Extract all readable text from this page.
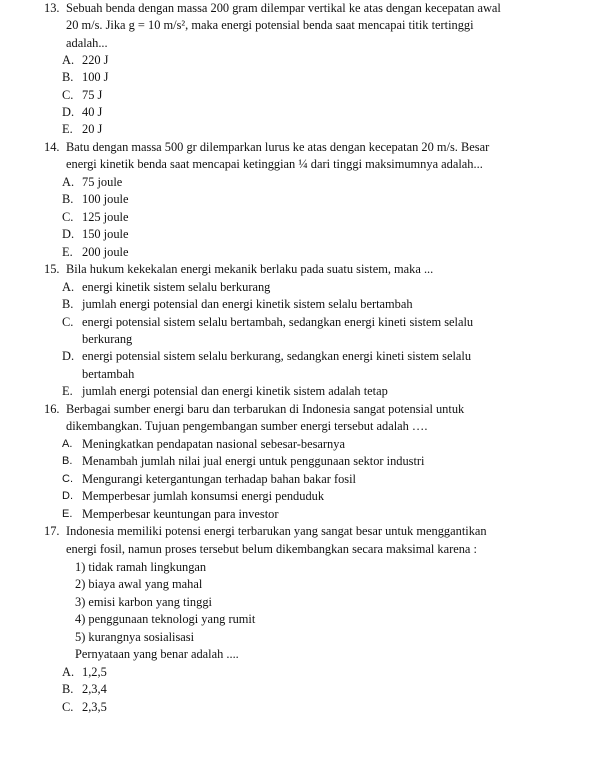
13. Sebuah benda dengan massa 200 gram dilempar vertikal ke atas dengan kecepatan awal
20 m/s. Jika g = 10 m/s², maka energi potensial benda saat mencapai titik tertinggi
adalah...
A. 220 J
B. 100 J
C. 75 J
D. 40 J
E. 20 J
14. Batu dengan massa 500 gr dilemparkan lurus ke atas dengan kecepatan 20 m/s. Besar
energi kinetik benda saat mencapai ketinggian ¼ dari tinggi maksimumnya adalah...
A. 75 joule
B. 100 joule
C. 125 joule
D. 150 joule
E. 200 joule
15. Bila hukum kekekalan energi mekanik berlaku pada suatu sistem, maka ...
A. energi kinetik sistem selalu berkurang
B. jumlah energi potensial dan energi kinetik sistem selalu bertambah
C. energi potensial sistem selalu bertambah, sedangkan energi kineti sistem selalu
berkurang
D. energi potensial sistem selalu berkurang, sedangkan energi kineti sistem selalu
bertambah
E. jumlah energi potensial dan energi kinetik sistem adalah tetap
16. Berbagai sumber energi baru dan terbarukan di Indonesia sangat potensial untuk
dikembangkan. Tujuan pengembangan sumber energi tersebut adalah ….
A. Meningkatkan pendapatan nasional sebesar-besarnya
B. Menambah jumlah nilai jual energi untuk penggunaan sektor industri
C. Mengurangi ketergantungan terhadap bahan bakar fosil
D. Memperbesar jumlah konsumsi energi penduduk
E. Memperbesar keuntungan para investor
17. Indonesia memiliki potensi energi terbarukan yang sangat besar untuk menggantikan
energi fosil, namun proses tersebut belum dikembangkan secara maksimal karena :
1) tidak ramah lingkungan
2) biaya awal yang mahal
3) emisi karbon yang tinggi
4) penggunaan teknologi yang rumit
5) kurangnya sosialisasi
Pernyataan yang benar adalah ....
A. 1,2,5
B. 2,3,4
C. 2,3,5
